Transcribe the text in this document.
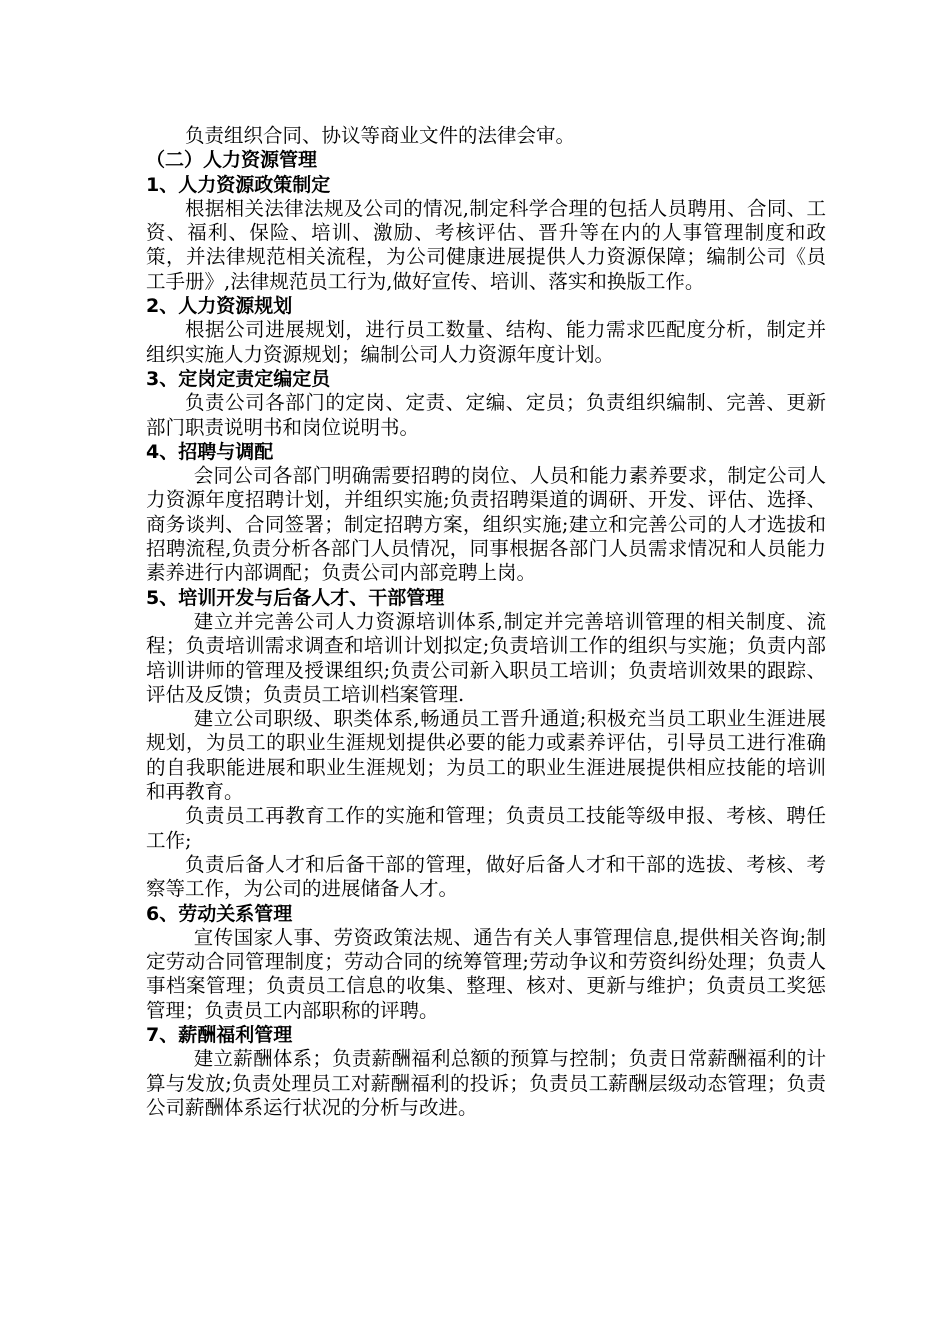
负责组织合同、协议等商业文件的法律会审。

（二）人力资源管理
1、人力资源政策制定

根据相关法律法规及公司的情况,制定科学合理的包括人员聘用、合同、工资、福利、保险、培训、激励、考核评估、晋升等在内的人事管理制度和政策，并法律规范相关流程，为公司健康进展提供人力资源保障；编制公司《员工手册》,法律规范员工行为,做好宣传、培训、落实和换版工作。

2、人力资源规划

根据公司进展规划，进行员工数量、结构、能力需求匹配度分析，制定并组织实施人力资源规划；编制公司人力资源年度计划。

3、定岗定责定编定员

负责公司各部门的定岗、定责、定编、定员；负责组织编制、完善、更新部门职责说明书和岗位说明书。

4、招聘与调配

会同公司各部门明确需要招聘的岗位、人员和能力素养要求，制定公司人力资源年度招聘计划，并组织实施;负责招聘渠道的调研、开发、评估、选择、商务谈判、合同签署；制定招聘方案，组织实施;建立和完善公司的人才选拔和招聘流程,负责分析各部门人员情况，同事根据各部门人员需求情况和人员能力素养进行内部调配；负责公司内部竞聘上岗。

5、培训开发与后备人才、干部管理

建立并完善公司人力资源培训体系,制定并完善培训管理的相关制度、流程；负责培训需求调查和培训计划拟定;负责培训工作的组织与实施；负责内部培训讲师的管理及授课组织;负责公司新入职员工培训；负责培训效果的跟踪、评估及反馈；负责员工培训档案管理.

建立公司职级、职类体系,畅通员工晋升通道;积极充当员工职业生涯进展规划，为员工的职业生涯规划提供必要的能力或素养评估，引导员工进行准确的自我职能进展和职业生涯规划；为员工的职业生涯进展提供相应技能的培训和再教育。

负责员工再教育工作的实施和管理；负责员工技能等级申报、考核、聘任工作;

负责后备人才和后备干部的管理，做好后备人才和干部的选拔、考核、考察等工作，为公司的进展储备人才。

6、劳动关系管理

宣传国家人事、劳资政策法规、通告有关人事管理信息,提供相关咨询;制定劳动合同管理制度；劳动合同的统筹管理;劳动争议和劳资纠纷处理；负责人事档案管理；负责员工信息的收集、整理、核对、更新与维护；负责员工奖惩管理；负责员工内部职称的评聘。

7、薪酬福利管理

建立薪酬体系；负责薪酬福利总额的预算与控制；负责日常薪酬福利的计算与发放;负责处理员工对薪酬福利的投诉；负责员工薪酬层级动态管理；负责公司薪酬体系运行状况的分析与改进。
